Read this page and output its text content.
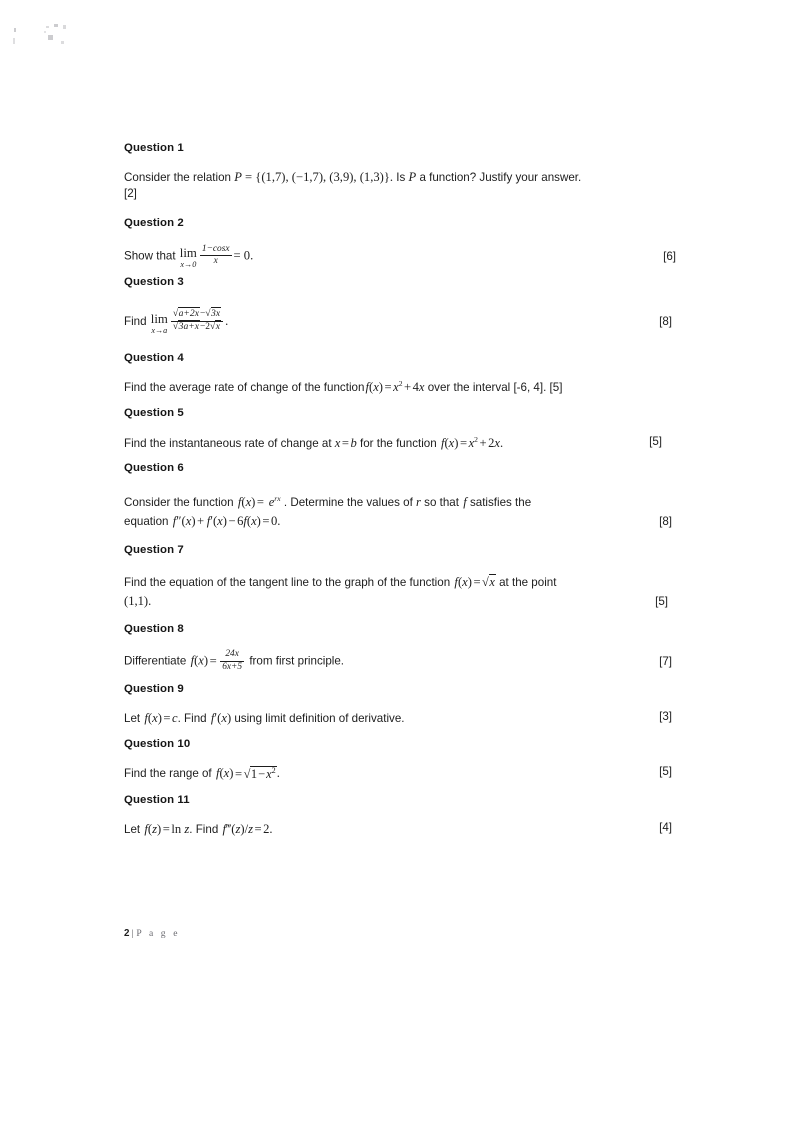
Question 1
Consider the relation P = {(1,7), (−1,7), (3,9), (1,3)}. Is P a function? Justify your answer.
[2]
Question 2
Show that lim
$x\to 0 \frac{1-\cos x}{x} = 0$.	[6]
Question 3
Find lim
$x\to a \frac{√a+2x-√3x}{√3a+x-2√x}$ .	[8]
Question 4
Find the average rate of change of the function $f(x) = x^2 + 4x$ over the interval [-6, 4]. [5]
Question 5
Find the instantaneous rate of change at x = b for the function  $f(x) = x^2 + 2x$.	[5]
Question 6
Consider the function  $f(x) = e^{rx}$ . Determine the values of r so that  f satisfies the
equation  f″(x) + f′(x) − 6f(x) = 0.	[8]
Question 7
Find the equation of the tangent line to the graph of the function  f(x) = √x at the point
(1,1).	[5]
Question 8
Differentiate  $f(x) = \frac{24x}{6x+5}$ from first principle.	[7]
Question 9
Let  f(x) = c. Find  f′(x) using limit definition of derivative.	[3]
Question 10
Find the range of  f(x) = √1 − $x^2$.	[5]
Question 11
Let  f(z) = ln z. Find  f‴(z)/z = 2.	[4]
2 | P a g e
